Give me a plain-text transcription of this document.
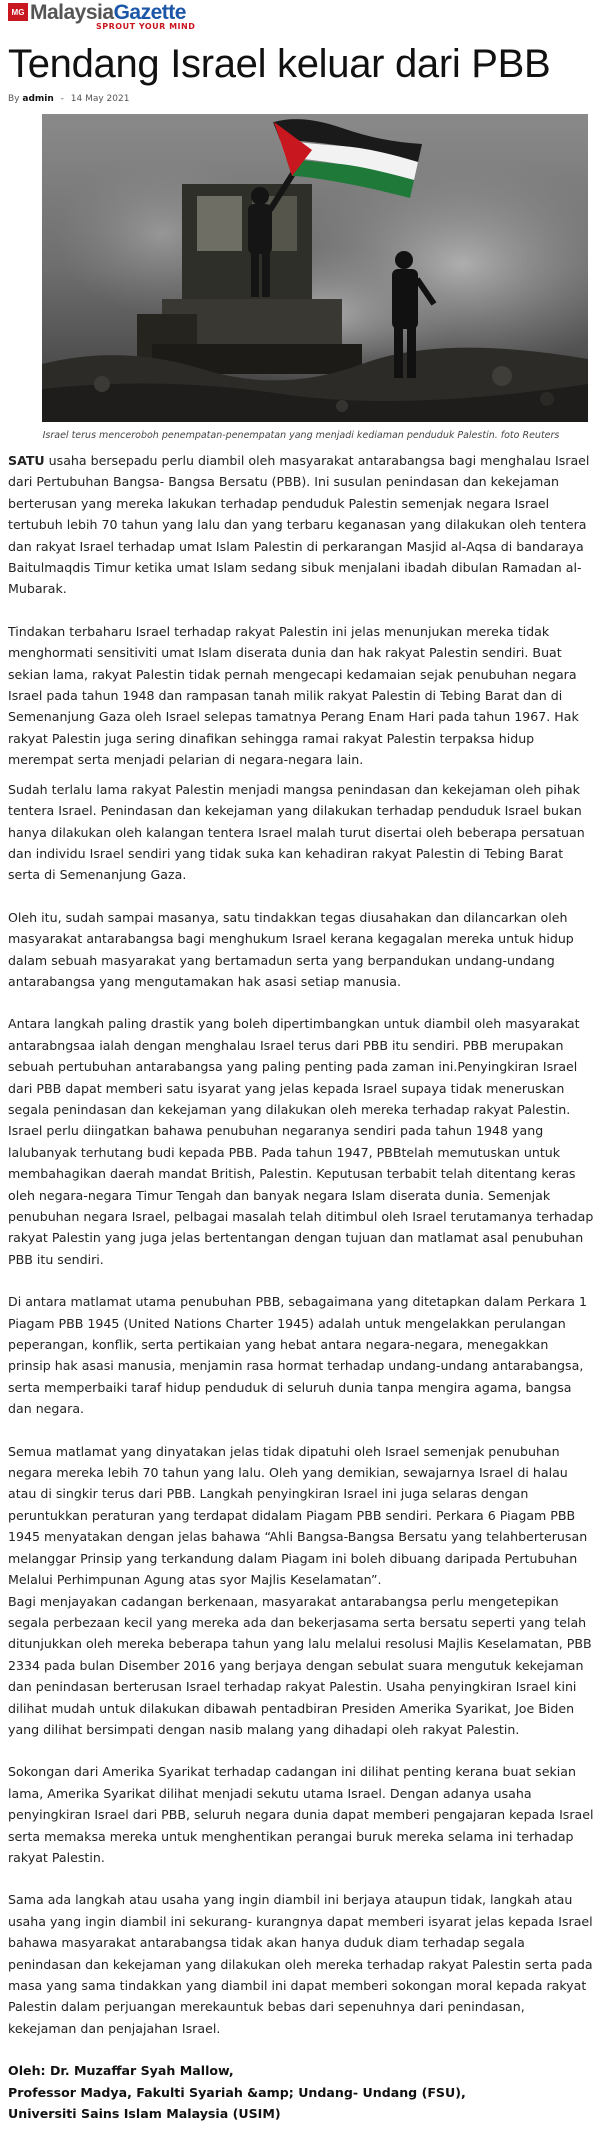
MG MalaysiaGazette
SPROUT YOUR MIND
Tendang Israel keluar dari PBB
By admin - 14 May 2021
Israel terus menceroboh penempatan-penempatan yang menjadi kediaman penduduk Palestin. foto Reuters

SATU usaha bersepadu perlu diambil oleh masyarakat antarabangsa bagi menghalau Israel dari Pertubuhan Bangsa- Bangsa Bersatu (PBB). Ini susulan penindasan dan kekejaman berterusan yang mereka lakukan terhadap penduduk Palestin semenjak negara Israel tertubuh lebih 70 tahun yang lalu dan yang terbaru keganasan yang dilakukan oleh tentera dan rakyat Israel terhadap umat Islam Palestin di perkarangan Masjid al-Aqsa di bandaraya Baitulmaqdis Timur ketika umat Islam sedang sibuk menjalani ibadah dibulan Ramadan al-Mubarak.

Tindakan terbaharu Israel terhadap rakyat Palestin ini jelas menunjukan mereka tidak menghormati sensitiviti umat Islam diserata dunia dan hak rakyat Palestin sendiri. Buat sekian lama, rakyat Palestin tidak pernah mengecapi kedamaian sejak penubuhan negara Israel pada tahun 1948 dan rampasan tanah milik rakyat Palestin di Tebing Barat dan di Semenanjung Gaza oleh Israel selepas tamatnya Perang Enam Hari pada tahun 1967. Hak rakyat Palestin juga sering dinafikan sehingga ramai rakyat Palestin terpaksa hidup merempat serta menjadi pelarian di negara-negara lain.

Sudah terlalu lama rakyat Palestin menjadi mangsa penindasan dan kekejaman oleh pihak tentera Israel. Penindasan dan kekejaman yang dilakukan terhadap penduduk Israel bukan hanya dilakukan oleh kalangan tentera Israel malah turut disertai oleh beberapa persatuan dan individu Israel sendiri yang tidak suka kan kehadiran rakyat Palestin di Tebing Barat serta di Semenanjung Gaza.

Oleh itu, sudah sampai masanya, satu tindakkan tegas diusahakan dan dilancarkan oleh masyarakat antarabangsa bagi menghukum Israel kerana kegagalan mereka untuk hidup dalam sebuah masyarakat yang bertamadun serta yang berpandukan undang-undang antarabangsa yang mengutamakan hak asasi setiap manusia.

Antara langkah paling drastik yang boleh dipertimbangkan untuk diambil oleh masyarakat antarabngsaa ialah dengan menghalau Israel terus dari PBB itu sendiri. PBB merupakan sebuah pertubuhan antarabangsa yang paling penting pada zaman ini.Penyingkiran Israel dari PBB dapat memberi satu isyarat yang jelas kepada Israel supaya tidak meneruskan segala penindasan dan kekejaman yang dilakukan oleh mereka terhadap rakyat Palestin. Israel perlu diingatkan bahawa penubuhan negaranya sendiri pada tahun 1948 yang lalubanyak terhutang budi kepada PBB. Pada tahun 1947, PBBtelah memutuskan untuk membahagikan daerah mandat British, Palestin. Keputusan terbabit telah ditentang keras oleh negara-negara Timur Tengah dan banyak negara Islam diserata dunia. Semenjak penubuhan negara Israel, pelbagai masalah telah ditimbul oleh Israel terutamanya terhadap rakyat Palestin yang juga jelas bertentangan dengan tujuan dan matlamat asal penubuhan PBB itu sendiri.

Di antara matlamat utama penubuhan PBB, sebagaimana yang ditetapkan dalam Perkara 1 Piagam PBB 1945 (United Nations Charter 1945) adalah untuk mengelakkan perulangan peperangan, konflik, serta pertikaian yang hebat antara negara-negara, menegakkan prinsip hak asasi manusia, menjamin rasa hormat terhadap undang-undang antarabangsa, serta memperbaiki taraf hidup penduduk di seluruh dunia tanpa mengira agama, bangsa dan negara.

Semua matlamat yang dinyatakan jelas tidak dipatuhi oleh Israel semenjak penubuhan negara mereka lebih 70 tahun yang lalu. Oleh yang demikian, sewajarnya Israel di halau atau di singkir terus dari PBB. Langkah penyingkiran Israel ini juga selaras dengan peruntukkan peraturan yang terdapat didalam Piagam PBB sendiri. Perkara 6 Piagam PBB 1945 menyatakan dengan jelas bahawa “Ahli Bangsa-Bangsa Bersatu yang telahberterusan melanggar Prinsip yang terkandung dalam Piagam ini boleh dibuang daripada Pertubuhan Melalui Perhimpunan Agung atas syor Majlis Keselamatan”.

Bagi menjayakan cadangan berkenaan, masyarakat antarabangsa perlu mengetepikan segala perbezaan kecil yang mereka ada dan bekerjasama serta bersatu seperti yang telah ditunjukkan oleh mereka beberapa tahun yang lalu melalui resolusi Majlis Keselamatan, PBB 2334 pada bulan Disember 2016 yang berjaya dengan sebulat suara mengutuk kekejaman dan penindasan berterusan Israel terhadap rakyat Palestin. Usaha penyingkiran Israel kini dilihat mudah untuk dilakukan dibawah pentadbiran Presiden Amerika Syarikat, Joe Biden yang dilihat bersimpati dengan nasib malang yang dihadapi oleh rakyat Palestin.

Sokongan dari Amerika Syarikat terhadap cadangan ini dilihat penting kerana buat sekian lama, Amerika Syarikat dilihat menjadi sekutu utama Israel. Dengan adanya usaha penyingkiran Israel dari PBB, seluruh negara dunia dapat memberi pengajaran kepada Israel serta memaksa mereka untuk menghentikan perangai buruk mereka selama ini terhadap rakyat Palestin.

Sama ada langkah atau usaha yang ingin diambil ini berjaya ataupun tidak, langkah atau usaha yang ingin diambil ini sekurang- kurangnya dapat memberi isyarat jelas kepada Israel bahawa masyarakat antarabangsa tidak akan hanya duduk diam terhadap segala penindasan dan kekejaman yang dilakukan oleh mereka terhadap rakyat Palestin serta pada masa yang sama tindakkan yang diambil ini dapat memberi sokongan moral kepada rakyat Palestin dalam perjuangan merekauntuk bebas dari sepenuhnya dari penindasan, kekejaman dan penjajahan Israel.

Oleh: Dr. Muzaffar Syah Mallow,
Professor Madya, Fakulti Syariah &amp; Undang- Undang (FSU),
Universiti Sains Islam Malaysia (USIM)
